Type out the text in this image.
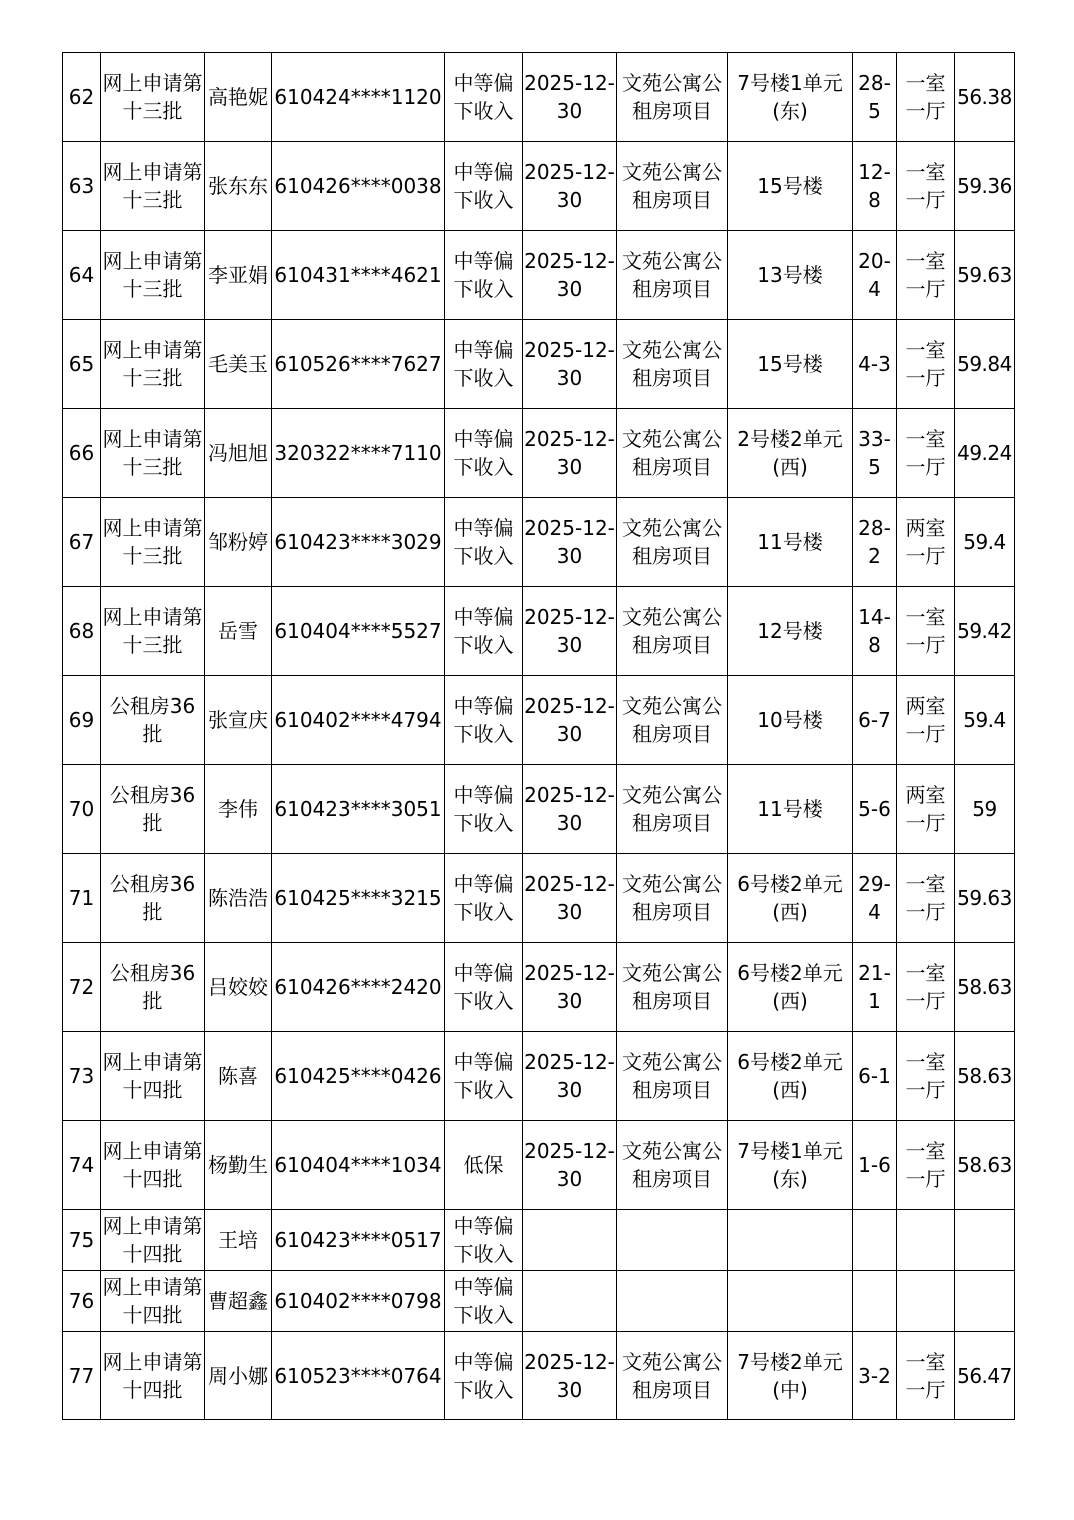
62	网上申请第十三批	高艳妮	610424****1120	中等偏下收入	2025-12-30	文苑公寓公租房项目	7号楼1单元(东)	28-5	一室一厅	56.38
63	网上申请第十三批	张东东	610426****0038	中等偏下收入	2025-12-30	文苑公寓公租房项目	15号楼	12-8	一室一厅	59.36
64	网上申请第十三批	李亚娟	610431****4621	中等偏下收入	2025-12-30	文苑公寓公租房项目	13号楼	20-4	一室一厅	59.63
65	网上申请第十三批	毛美玉	610526****7627	中等偏下收入	2025-12-30	文苑公寓公租房项目	15号楼	4-3	一室一厅	59.84
66	网上申请第十三批	冯旭旭	320322****7110	中等偏下收入	2025-12-30	文苑公寓公租房项目	2号楼2单元(西)	33-5	一室一厅	49.24
67	网上申请第十三批	邹粉婷	610423****3029	中等偏下收入	2025-12-30	文苑公寓公租房项目	11号楼	28-2	两室一厅	59.4
68	网上申请第十三批	岳雪	610404****5527	中等偏下收入	2025-12-30	文苑公寓公租房项目	12号楼	14-8	一室一厅	59.42
69	公租房36批	张宣庆	610402****4794	中等偏下收入	2025-12-30	文苑公寓公租房项目	10号楼	6-7	两室一厅	59.4
70	公租房36批	李伟	610423****3051	中等偏下收入	2025-12-30	文苑公寓公租房项目	11号楼	5-6	两室一厅	59
71	公租房36批	陈浩浩	610425****3215	中等偏下收入	2025-12-30	文苑公寓公租房项目	6号楼2单元(西)	29-4	一室一厅	59.63
72	公租房36批	吕姣姣	610426****2420	中等偏下收入	2025-12-30	文苑公寓公租房项目	6号楼2单元(西)	21-1	一室一厅	58.63
73	网上申请第十四批	陈喜	610425****0426	中等偏下收入	2025-12-30	文苑公寓公租房项目	6号楼2单元(西)	6-1	一室一厅	58.63
74	网上申请第十四批	杨勤生	610404****1034	低保	2025-12-30	文苑公寓公租房项目	7号楼1单元(东)	1-6	一室一厅	58.63
75	网上申请第十四批	王培	610423****0517	中等偏下收入						
76	网上申请第十四批	曹超鑫	610402****0798	中等偏下收入						
77	网上申请第十四批	周小娜	610523****0764	中等偏下收入	2025-12-30	文苑公寓公租房项目	7号楼2单元(中)	3-2	一室一厅	56.47
